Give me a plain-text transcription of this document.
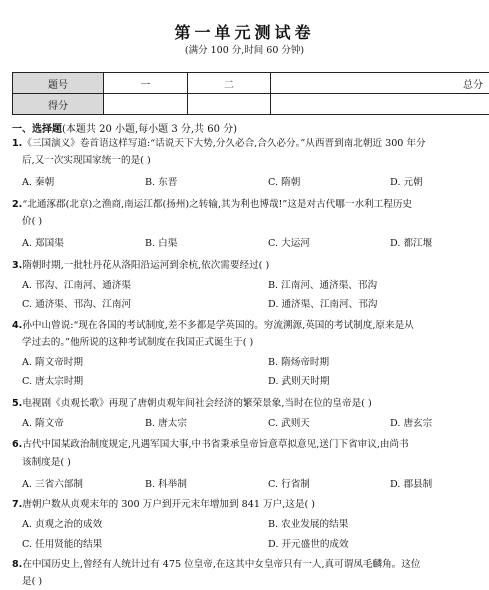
第一单元测试卷
(满分 100 分,时间 60 分钟)
题号	一	二	总分
得分			
一、选择题(本题共 20 小题,每小题 3 分,共 60 分)
1.《三国演义》卷首语这样写道:“话说天下大势,分久必合,合久必分。”从西晋到南北朝近 300 年分
后,又一次实现国家统一的是( )
A. 秦朝	B. 东晋	C. 隋朝	D. 元朝
2.“北通涿郡(北京)之渔商,南运江都(扬州)之转输,其为利也博哉!”这是对古代哪一水利工程历史
价( )
A. 郑国渠	B. 白渠	C. 大运河	D. 都江堰
3.隋朝时期,一批牡丹花从洛阳沿运河到余杭,依次需要经过( )
A. 邗沟、江南河、通济渠	B. 江南河、通济渠、邗沟
C. 通济渠、邗沟、江南河	D. 通济渠、江南河、邗沟
4.孙中山曾说:“现在各国的考试制度,差不多都是学英国的。穷流溯源,英国的考试制度,原来是从
学过去的。”他所说的这种考试制度在我国正式诞生于( )
A. 隋文帝时期	B. 隋炀帝时期
C. 唐太宗时期	D. 武则天时期
5.电视剧《贞观长歌》再现了唐朝贞观年间社会经济的繁荣景象,当时在位的皇帝是( )
A. 隋文帝	B. 唐太宗	C. 武则天	D. 唐玄宗
6.古代中国某政治制度规定,凡遇军国大事,中书省秉承皇帝旨意草拟意见,送门下省审议,由尚书
该制度是( )
A. 三省六部制	B. 科举制	C. 行省制	D. 郡县制
7.唐朝户数从贞观末年的 300 万户到开元末年增加到 841 万户,这是( )
A. 贞观之治的成效	B. 农业发展的结果
C. 任用贤能的结果	D. 开元盛世的成效
8.在中国历史上,曾经有人统计过有 475 位皇帝,在这其中女皇帝只有一人,真可谓凤毛麟角。这位
是( )
